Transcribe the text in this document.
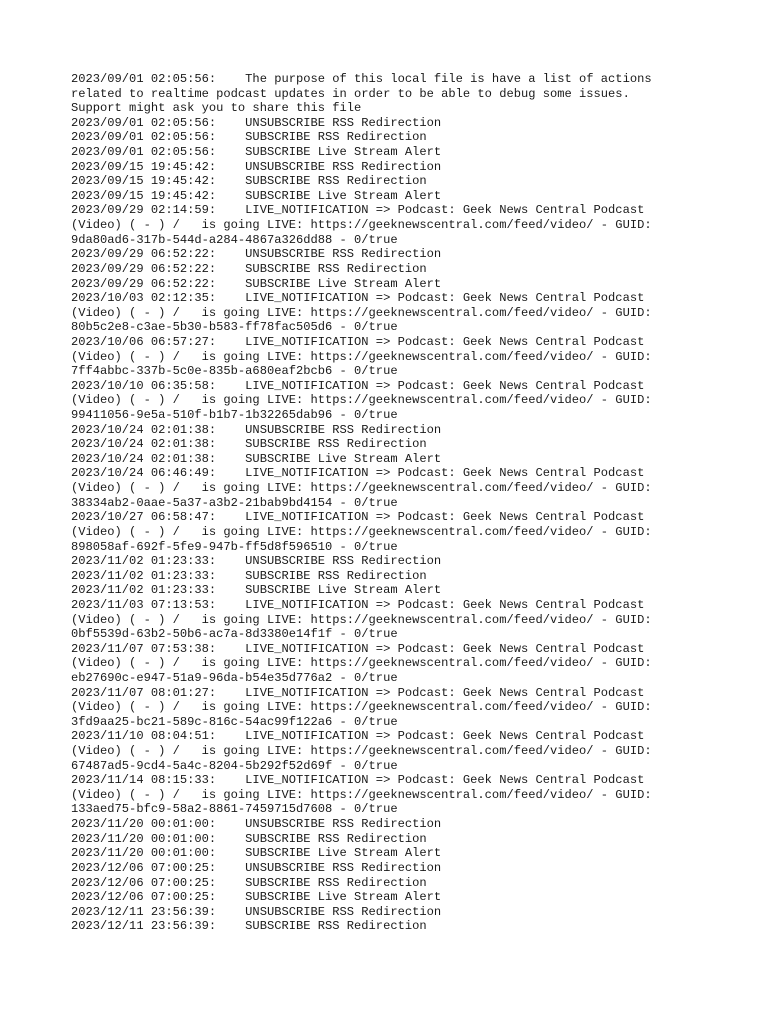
2023/09/01 02:05:56:    The purpose of this local file is have a list of actions
related to realtime podcast updates in order to be able to debug some issues.
Support might ask you to share this file
2023/09/01 02:05:56:    UNSUBSCRIBE RSS Redirection
2023/09/01 02:05:56:    SUBSCRIBE RSS Redirection
2023/09/01 02:05:56:    SUBSCRIBE Live Stream Alert
2023/09/15 19:45:42:    UNSUBSCRIBE RSS Redirection
2023/09/15 19:45:42:    SUBSCRIBE RSS Redirection
2023/09/15 19:45:42:    SUBSCRIBE Live Stream Alert
2023/09/29 02:14:59:    LIVE_NOTIFICATION => Podcast: Geek News Central Podcast
(Video) ( - ) /   is going LIVE: https://geeknewscentral.com/feed/video/ - GUID:
9da80ad6-317b-544d-a284-4867a326dd88 - 0/true
2023/09/29 06:52:22:    UNSUBSCRIBE RSS Redirection
2023/09/29 06:52:22:    SUBSCRIBE RSS Redirection
2023/09/29 06:52:22:    SUBSCRIBE Live Stream Alert
2023/10/03 02:12:35:    LIVE_NOTIFICATION => Podcast: Geek News Central Podcast
(Video) ( - ) /   is going LIVE: https://geeknewscentral.com/feed/video/ - GUID:
80b5c2e8-c3ae-5b30-b583-ff78fac505d6 - 0/true
2023/10/06 06:57:27:    LIVE_NOTIFICATION => Podcast: Geek News Central Podcast
(Video) ( - ) /   is going LIVE: https://geeknewscentral.com/feed/video/ - GUID:
7ff4abbc-337b-5c0e-835b-a680eaf2bcb6 - 0/true
2023/10/10 06:35:58:    LIVE_NOTIFICATION => Podcast: Geek News Central Podcast
(Video) ( - ) /   is going LIVE: https://geeknewscentral.com/feed/video/ - GUID:
99411056-9e5a-510f-b1b7-1b32265dab96 - 0/true
2023/10/24 02:01:38:    UNSUBSCRIBE RSS Redirection
2023/10/24 02:01:38:    SUBSCRIBE RSS Redirection
2023/10/24 02:01:38:    SUBSCRIBE Live Stream Alert
2023/10/24 06:46:49:    LIVE_NOTIFICATION => Podcast: Geek News Central Podcast
(Video) ( - ) /   is going LIVE: https://geeknewscentral.com/feed/video/ - GUID:
38334ab2-0aae-5a37-a3b2-21bab9bd4154 - 0/true
2023/10/27 06:58:47:    LIVE_NOTIFICATION => Podcast: Geek News Central Podcast
(Video) ( - ) /   is going LIVE: https://geeknewscentral.com/feed/video/ - GUID:
898058af-692f-5fe9-947b-ff5d8f596510 - 0/true
2023/11/02 01:23:33:    UNSUBSCRIBE RSS Redirection
2023/11/02 01:23:33:    SUBSCRIBE RSS Redirection
2023/11/02 01:23:33:    SUBSCRIBE Live Stream Alert
2023/11/03 07:13:53:    LIVE_NOTIFICATION => Podcast: Geek News Central Podcast
(Video) ( - ) /   is going LIVE: https://geeknewscentral.com/feed/video/ - GUID:
0bf5539d-63b2-50b6-ac7a-8d3380e14f1f - 0/true
2023/11/07 07:53:38:    LIVE_NOTIFICATION => Podcast: Geek News Central Podcast
(Video) ( - ) /   is going LIVE: https://geeknewscentral.com/feed/video/ - GUID:
eb27690c-e947-51a9-96da-b54e35d776a2 - 0/true
2023/11/07 08:01:27:    LIVE_NOTIFICATION => Podcast: Geek News Central Podcast
(Video) ( - ) /   is going LIVE: https://geeknewscentral.com/feed/video/ - GUID:
3fd9aa25-bc21-589c-816c-54ac99f122a6 - 0/true
2023/11/10 08:04:51:    LIVE_NOTIFICATION => Podcast: Geek News Central Podcast
(Video) ( - ) /   is going LIVE: https://geeknewscentral.com/feed/video/ - GUID:
67487ad5-9cd4-5a4c-8204-5b292f52d69f - 0/true
2023/11/14 08:15:33:    LIVE_NOTIFICATION => Podcast: Geek News Central Podcast
(Video) ( - ) /   is going LIVE: https://geeknewscentral.com/feed/video/ - GUID:
133aed75-bfc9-58a2-8861-7459715d7608 - 0/true
2023/11/20 00:01:00:    UNSUBSCRIBE RSS Redirection
2023/11/20 00:01:00:    SUBSCRIBE RSS Redirection
2023/11/20 00:01:00:    SUBSCRIBE Live Stream Alert
2023/12/06 07:00:25:    UNSUBSCRIBE RSS Redirection
2023/12/06 07:00:25:    SUBSCRIBE RSS Redirection
2023/12/06 07:00:25:    SUBSCRIBE Live Stream Alert
2023/12/11 23:56:39:    UNSUBSCRIBE RSS Redirection
2023/12/11 23:56:39:    SUBSCRIBE RSS Redirection
